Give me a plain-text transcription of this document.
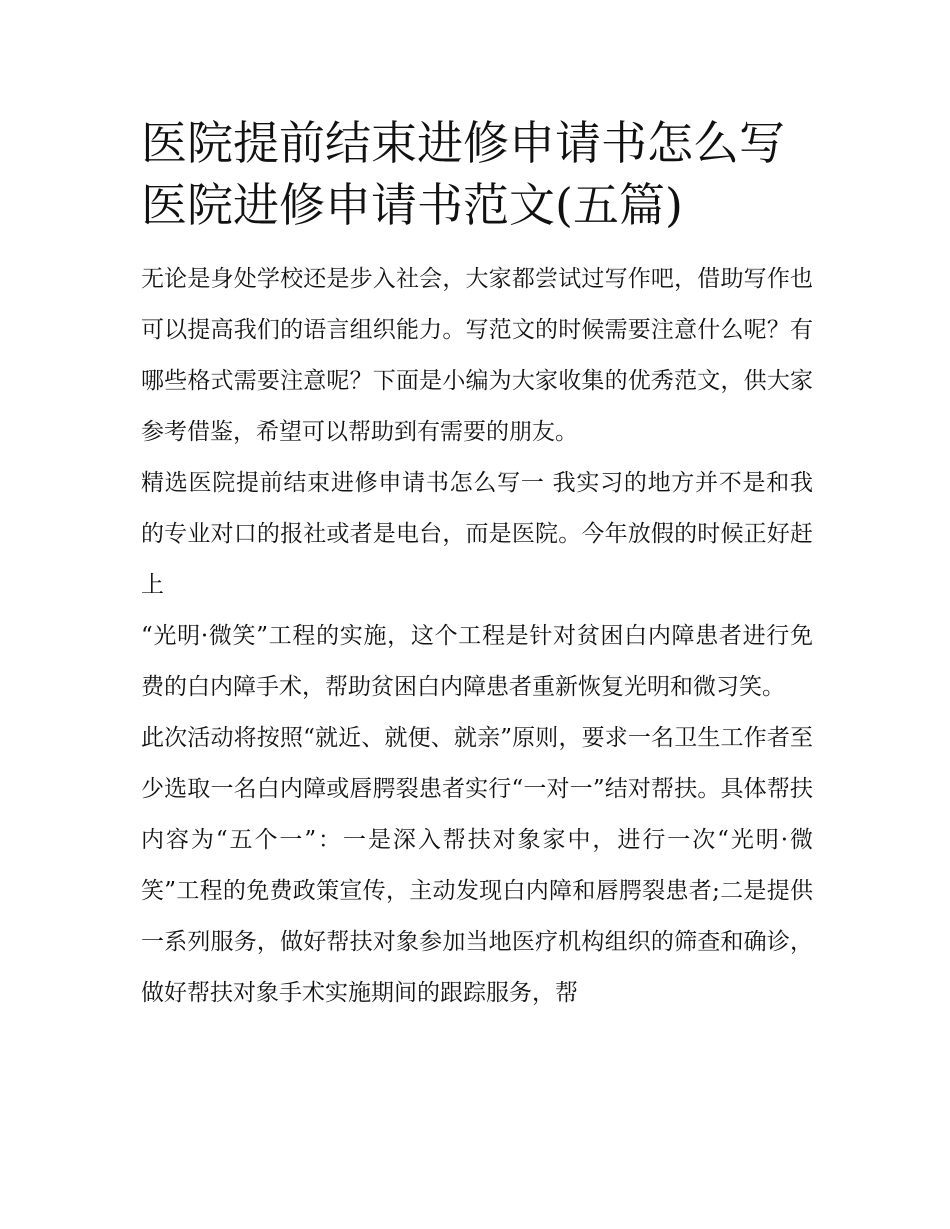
医院提前结束进修申请书怎么写 医院进修申请书范文(五篇)

无论是身处学校还是步入社会，大家都尝试过写作吧，借助写作也可以提高我们的语言组织能力。写范文的时候需要注意什么呢？有哪些格式需要注意呢？下面是小编为大家收集的优秀范文，供大家参考借鉴，希望可以帮助到有需要的朋友。

精选医院提前结束进修申请书怎么写一 我实习的地方并不是和我的专业对口的报社或者是电台，而是医院。今年放假的时候正好赶上

“光明·微笑”工程的实施，这个工程是针对贫困白内障患者进行免费的白内障手术，帮助贫困白内障患者重新恢复光明和微习笑。

此次活动将按照“就近、就便、就亲”原则，要求一名卫生工作者至少选取一名白内障或唇腭裂患者实行“一对一”结对帮扶。具体帮扶内容为“五个一”：一是深入帮扶对象家中，进行一次“光明·微笑”工程的免费政策宣传，主动发现白内障和唇腭裂患者;二是提供一系列服务，做好帮扶对象参加当地医疗机构组织的筛查和确诊，做好帮扶对象手术实施期间的跟踪服务，帮
